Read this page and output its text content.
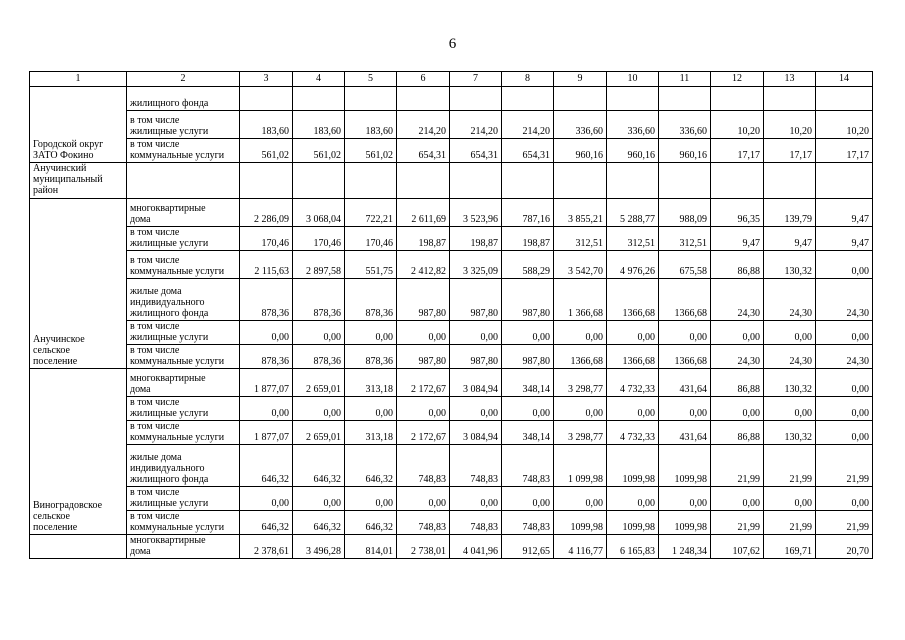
6
1	2	3	4	5	6	7	8	9	10	11	12	13	14
Городской округ
ЗАТО Фокино	жилищного фонда												
	в том числе
жилищные услуги	183,60	183,60	183,60	214,20	214,20	214,20	336,60	336,60	336,60	10,20	10,20	10,20
	в том числе
коммунальные услуги	561,02	561,02	561,02	654,31	654,31	654,31	960,16	960,16	960,16	17,17	17,17	17,17
Анучинский
муниципальный
район													
Анучинское
сельское
поселение	многоквартирные
дома	2 286,09	3 068,04	722,21	2 611,69	3 523,96	787,16	3 855,21	5 288,77	988,09	96,35	139,79	9,47
	в том числе
жилищные услуги	170,46	170,46	170,46	198,87	198,87	198,87	312,51	312,51	312,51	9,47	9,47	9,47
	в том числе
коммунальные услуги	2 115,63	2 897,58	551,75	2 412,82	3 325,09	588,29	3 542,70	4 976,26	675,58	86,88	130,32	0,00
	жилые дома
индивидуального
жилищного фонда	878,36	878,36	878,36	987,80	987,80	987,80	1 366,68	1366,68	1366,68	24,30	24,30	24,30
	в том числе
жилищные услуги	0,00	0,00	0,00	0,00	0,00	0,00	0,00	0,00	0,00	0,00	0,00	0,00
	в том числе
коммунальные услуги	878,36	878,36	878,36	987,80	987,80	987,80	1366,68	1366,68	1366,68	24,30	24,30	24,30
Виноградовское
сельское
поселение	многоквартирные
дома	1 877,07	2 659,01	313,18	2 172,67	3 084,94	348,14	3 298,77	4 732,33	431,64	86,88	130,32	0,00
	в том числе
жилищные услуги	0,00	0,00	0,00	0,00	0,00	0,00	0,00	0,00	0,00	0,00	0,00	0,00
	в том числе
коммунальные услуги	1 877,07	2 659,01	313,18	2 172,67	3 084,94	348,14	3 298,77	4 732,33	431,64	86,88	130,32	0,00
	жилые дома
индивидуального
жилищного фонда	646,32	646,32	646,32	748,83	748,83	748,83	1 099,98	1099,98	1099,98	21,99	21,99	21,99
	в том числе
жилищные услуги	0,00	0,00	0,00	0,00	0,00	0,00	0,00	0,00	0,00	0,00	0,00	0,00
	в том числе
коммунальные услуги	646,32	646,32	646,32	748,83	748,83	748,83	1099,98	1099,98	1099,98	21,99	21,99	21,99
	многоквартирные
дома	2 378,61	3 496,28	814,01	2 738,01	4 041,96	912,65	4 116,77	6 165,83	1 248,34	107,62	169,71	20,70
